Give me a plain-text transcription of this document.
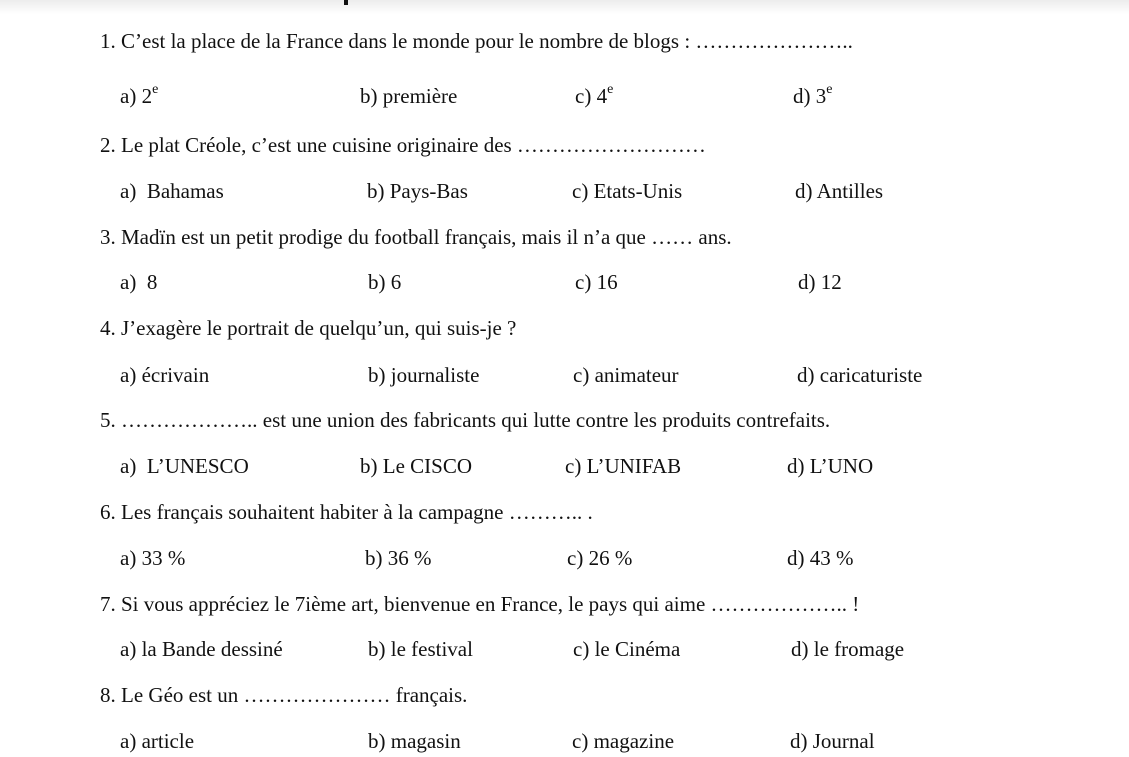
1. C’est la place de la France dans le monde pour le nombre de blogs : …………………..
a) 2e	b) première	c) 4e	d) 3e
2. Le plat Créole, c’est une cuisine originaire des ………………………
a)  Bahamas	b) Pays-Bas	c) Etats-Unis	d) Antilles
3. Madïn est un petit prodige du football français, mais il n’a que …… ans.
a)  8	b) 6	c) 16	d) 12
4. J’exagère le portrait de quelqu’un, qui suis-je ?
a) écrivain	b) journaliste	c) animateur	d) caricaturiste
5. ……………….. est une union des fabricants qui lutte contre les produits contrefaits.
a)  L’UNESCO	b) Le CISCO	c) L’UNIFAB	d) L’UNO
6. Les français souhaitent habiter à la campagne ……….. .
a) 33 %	b) 36 %	c) 26 %	d) 43 %
7. Si vous appréciez le 7ième art, bienvenue en France, le pays qui aime ……………….. !
a) la Bande dessiné	b) le festival	c) le Cinéma	d) le fromage
8. Le Géo est un ………………… français.
a) article	b) magasin	c) magazine	d) Journal
